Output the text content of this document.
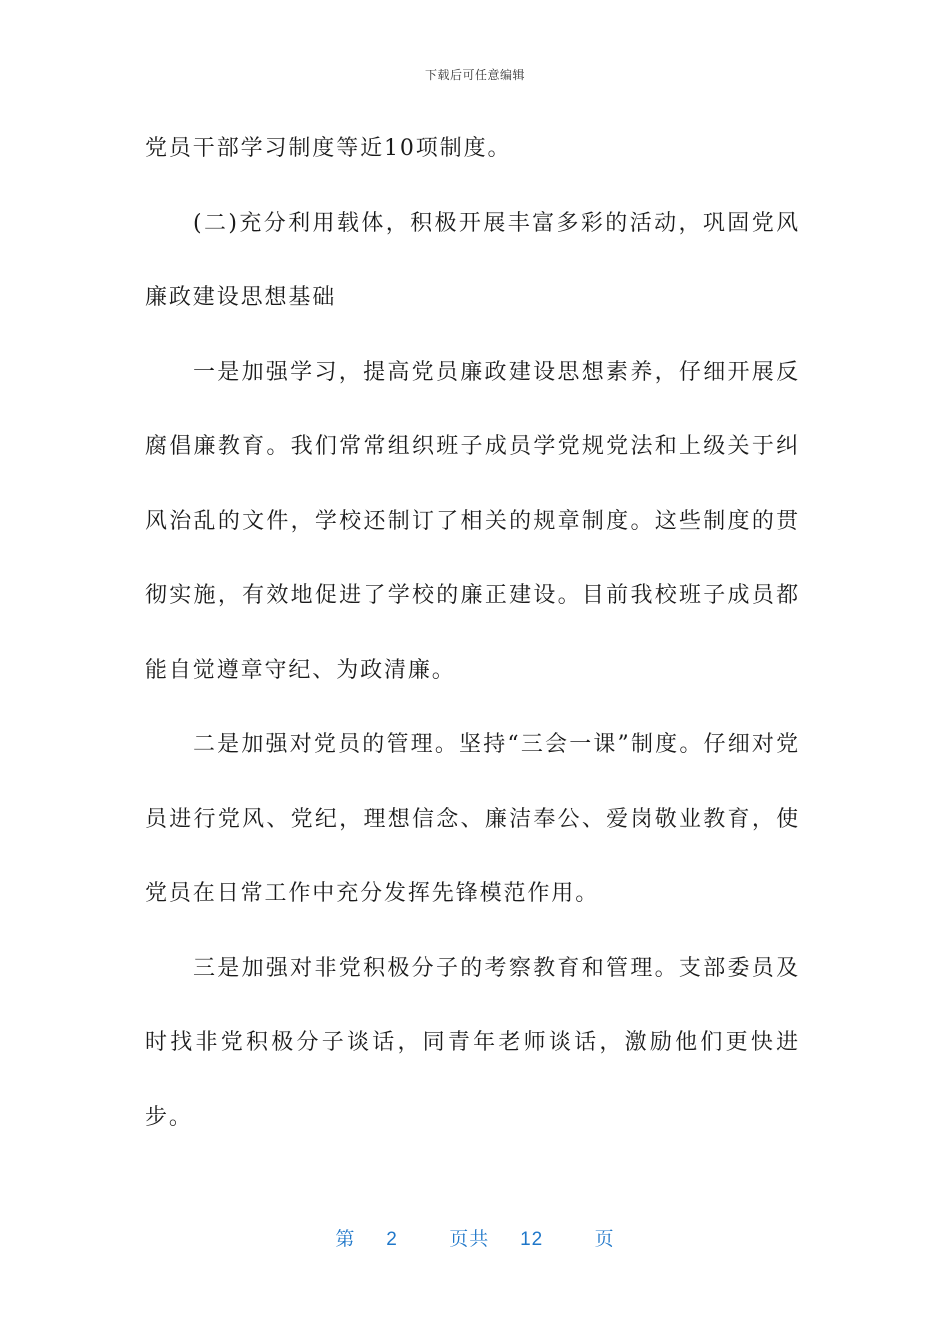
下载后可任意编辑

党员干部学习制度等近10项制度。

(二)充分利用载体，积极开展丰富多彩的活动，巩固党风廉政建设思想基础

一是加强学习，提高党员廉政建设思想素养，仔细开展反腐倡廉教育。我们常常组织班子成员学党规党法和上级关于纠风治乱的文件，学校还制订了相关的规章制度。这些制度的贯彻实施，有效地促进了学校的廉正建设。目前我校班子成员都能自觉遵章守纪、为政清廉。

二是加强对党员的管理。坚持“三会一课”制度。仔细对党员进行党风、党纪，理想信念、廉洁奉公、爱岗敬业教育，使党员在日常工作中充分发挥先锋模范作用。

三是加强对非党积极分子的考察教育和管理。支部委员及时找非党积极分子谈话，同青年老师谈话，激励他们更快进步。

第 2	页共 12	页
